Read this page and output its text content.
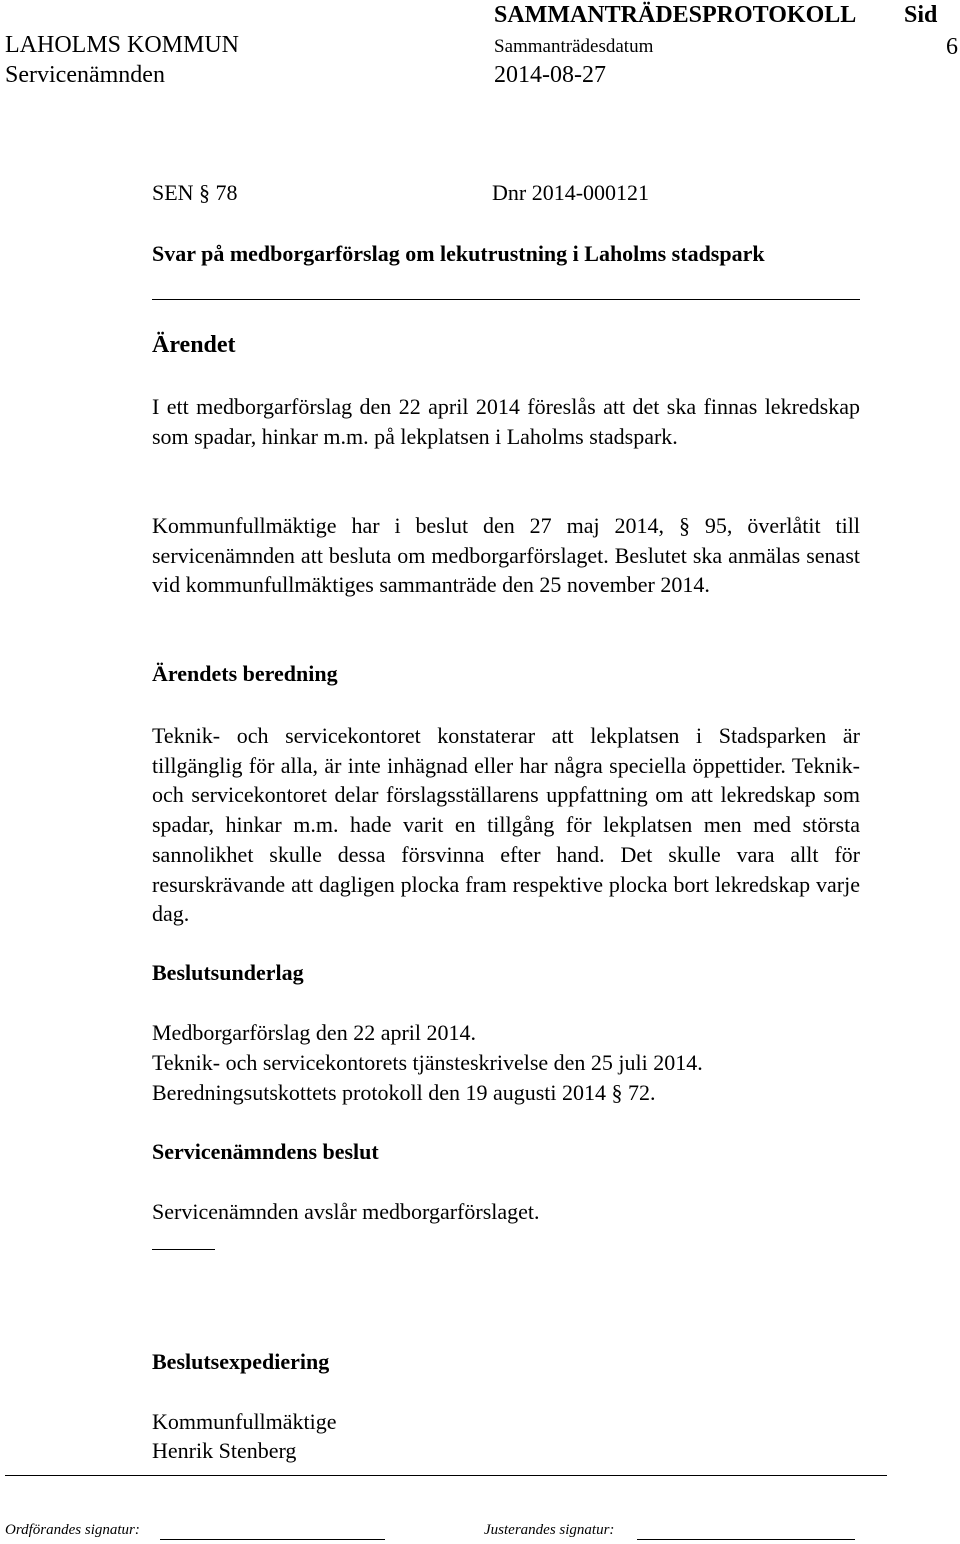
SAMMANTRÄDESPROTOKOLL Sid
LAHOLMS KOMMUN	Sammanträdesdatum	6
Servicenämnden	2014-08-27
SEN § 78	Dnr 2014-000121
Svar på medborgarförslag om lekutrustning i Laholms stadspark
Ärendet
I ett medborgarförslag den 22 april 2014 föreslås att det ska finnas lekredskap som spadar, hinkar m.m. på lekplatsen i Laholms stadspark.
Kommunfullmäktige har i beslut den 27 maj 2014, § 95, överlåtit till servicenämnden att besluta om medborgarförslaget. Beslutet ska anmälas senast vid kommunfullmäktiges sammanträde den 25 november 2014.
Ärendets beredning
Teknik- och servicekontoret konstaterar att lekplatsen i Stadsparken är tillgänglig för alla, är inte inhägnad eller har några speciella öppettider. Teknik- och servicekontoret delar förslagsställarens uppfattning om att lekredskap som spadar, hinkar m.m. hade varit en tillgång för lekplatsen men med största sannolikhet skulle dessa försvinna efter hand. Det skulle vara allt för resurskrävande att dagligen plocka fram respektive plocka bort lekredskap varje dag.
Beslutsunderlag
Medborgarförslag den 22 april 2014.
Teknik- och servicekontorets tjänsteskrivelse den 25 juli 2014.
Beredningsutskottets protokoll den 19 augusti 2014 § 72.
Servicenämndens beslut
Servicenämnden avslår medborgarförslaget.
Beslutsexpediering
Kommunfullmäktige
Henrik Stenberg
Ordförandes signatur:	Justerandes signatur:
